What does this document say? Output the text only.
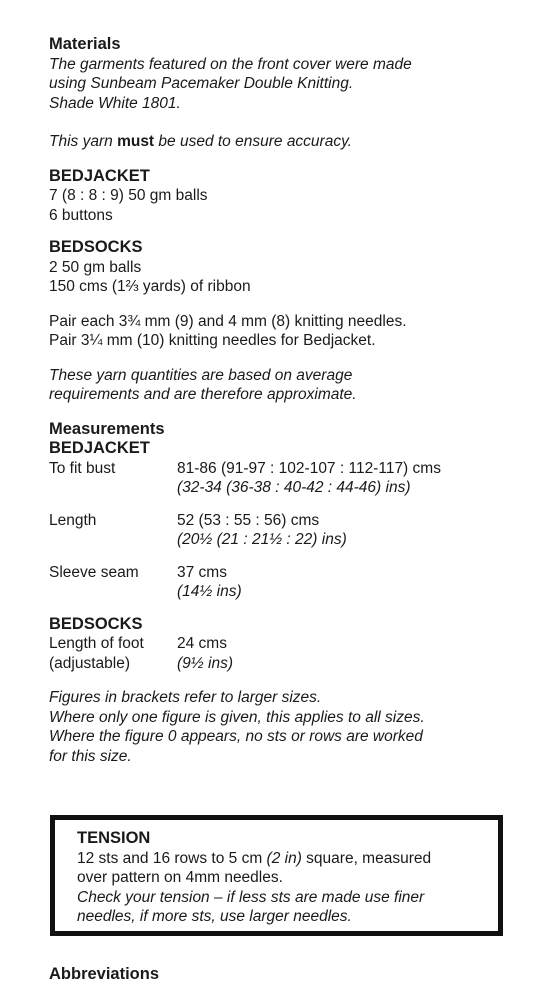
Materials
The garments featured on the front cover were made
using Sunbeam Pacemaker Double Knitting.
Shade White 1801.
This yarn must be used to ensure accuracy.
BEDJACKET
7 (8 : 8 : 9) 50 gm balls
6 buttons
BEDSOCKS
2 50 gm balls
150 cms (1⅔ yards) of ribbon
Pair each 3¾ mm (9) and 4 mm (8) knitting needles.
Pair 3¼ mm (10) knitting needles for Bedjacket.
These yarn quantities are based on average
requirements and are therefore approximate.
Measurements
BEDJACKET
To fit bust	81-86 (91-97 : 102-107 : 112-117) cms
(32-34 (36-38 : 40-42 : 44-46) ins)
Length	52 (53 : 55 : 56) cms
(20½ (21 : 21½ : 22) ins)
Sleeve seam	37 cms
(14½ ins)
BEDSOCKS
Length of foot	24 cms
(adjustable)	(9½ ins)
Figures in brackets refer to larger sizes.
Where only one figure is given, this applies to all sizes.
Where the figure 0 appears, no sts or rows are worked
for this size.
TENSION
12 sts and 16 rows to 5 cm (2 in) square, measured
over pattern on 4mm needles.
Check your tension – if less sts are made use finer
needles, if more sts, use larger needles.
Abbreviations
